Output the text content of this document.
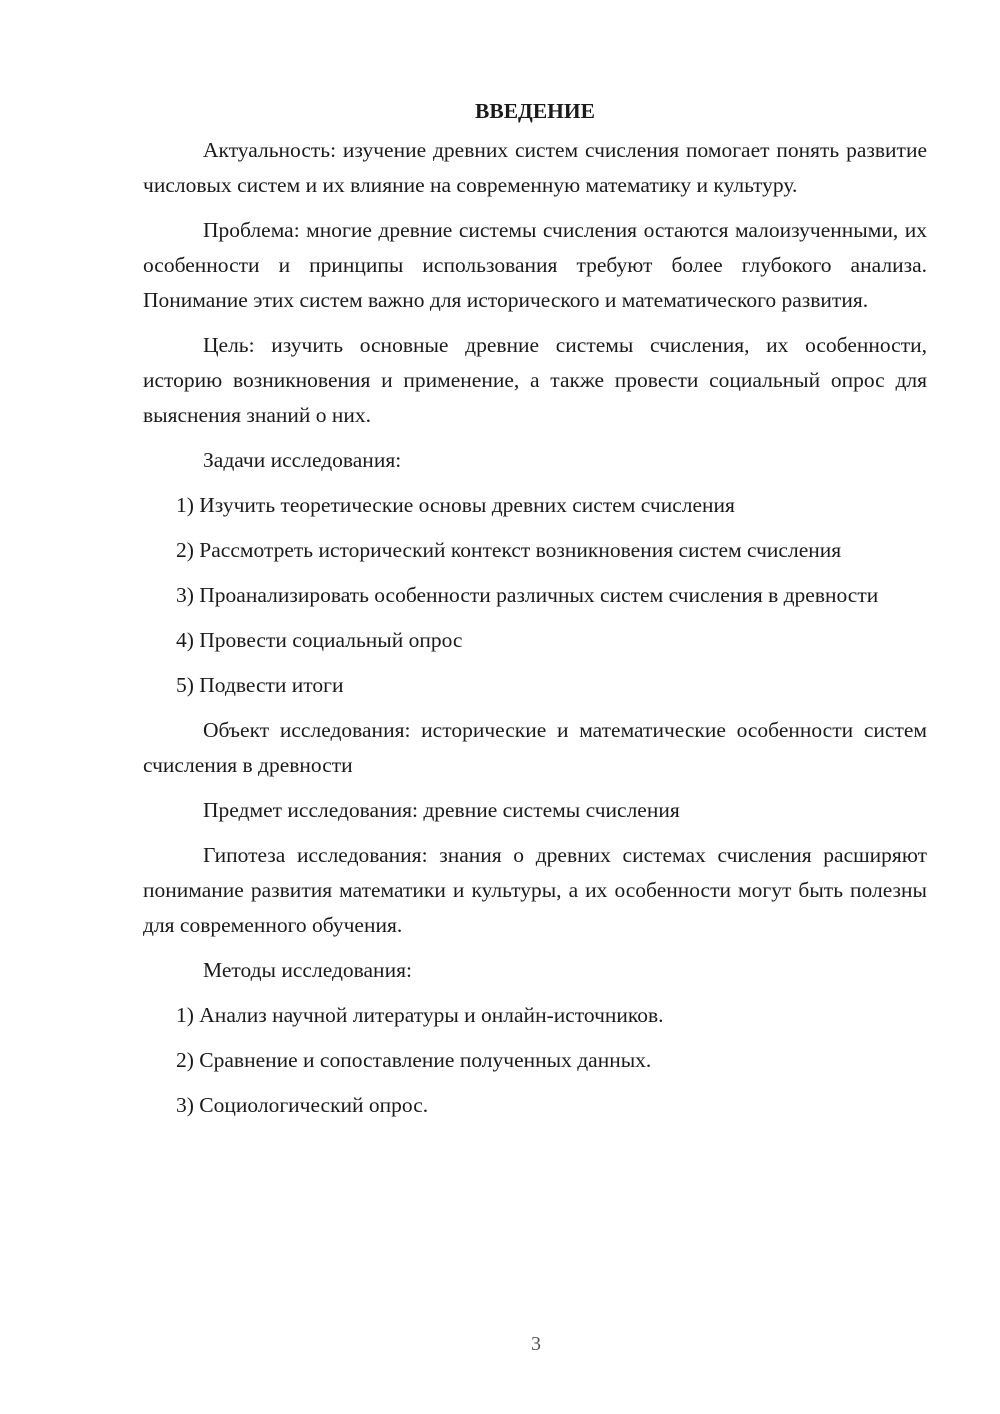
ВВЕДЕНИЕ

Актуальность: изучение древних систем счисления помогает понять развитие числовых систем и их влияние на современную математику и культуру.

Проблема: многие древние системы счисления остаются малоизученными, их особенности и принципы использования требуют более глубокого анализа. Понимание этих систем важно для исторического и математического развития.

Цель: изучить основные древние системы счисления, их особенности, историю возникновения и применение, а также провести социальный опрос для выяснения знаний о них.

Задачи исследования:

1) Изучить теоретические основы древних систем счисления

2) Рассмотреть исторический контекст возникновения систем счисления

3) Проанализировать особенности различных систем счисления в древности

4) Провести социальный опрос

5) Подвести итоги

Объект исследования: исторические и математические особенности систем счисления в древности

Предмет исследования: древние системы счисления

Гипотеза исследования: знания о древних системах счисления расширяют понимание развития математики и культуры, а их особенности могут быть полезны для современного обучения.

Методы исследования:

1) Анализ научной литературы и онлайн-источников.

2) Сравнение и сопоставление полученных данных.

3) Социологический опрос.

3
